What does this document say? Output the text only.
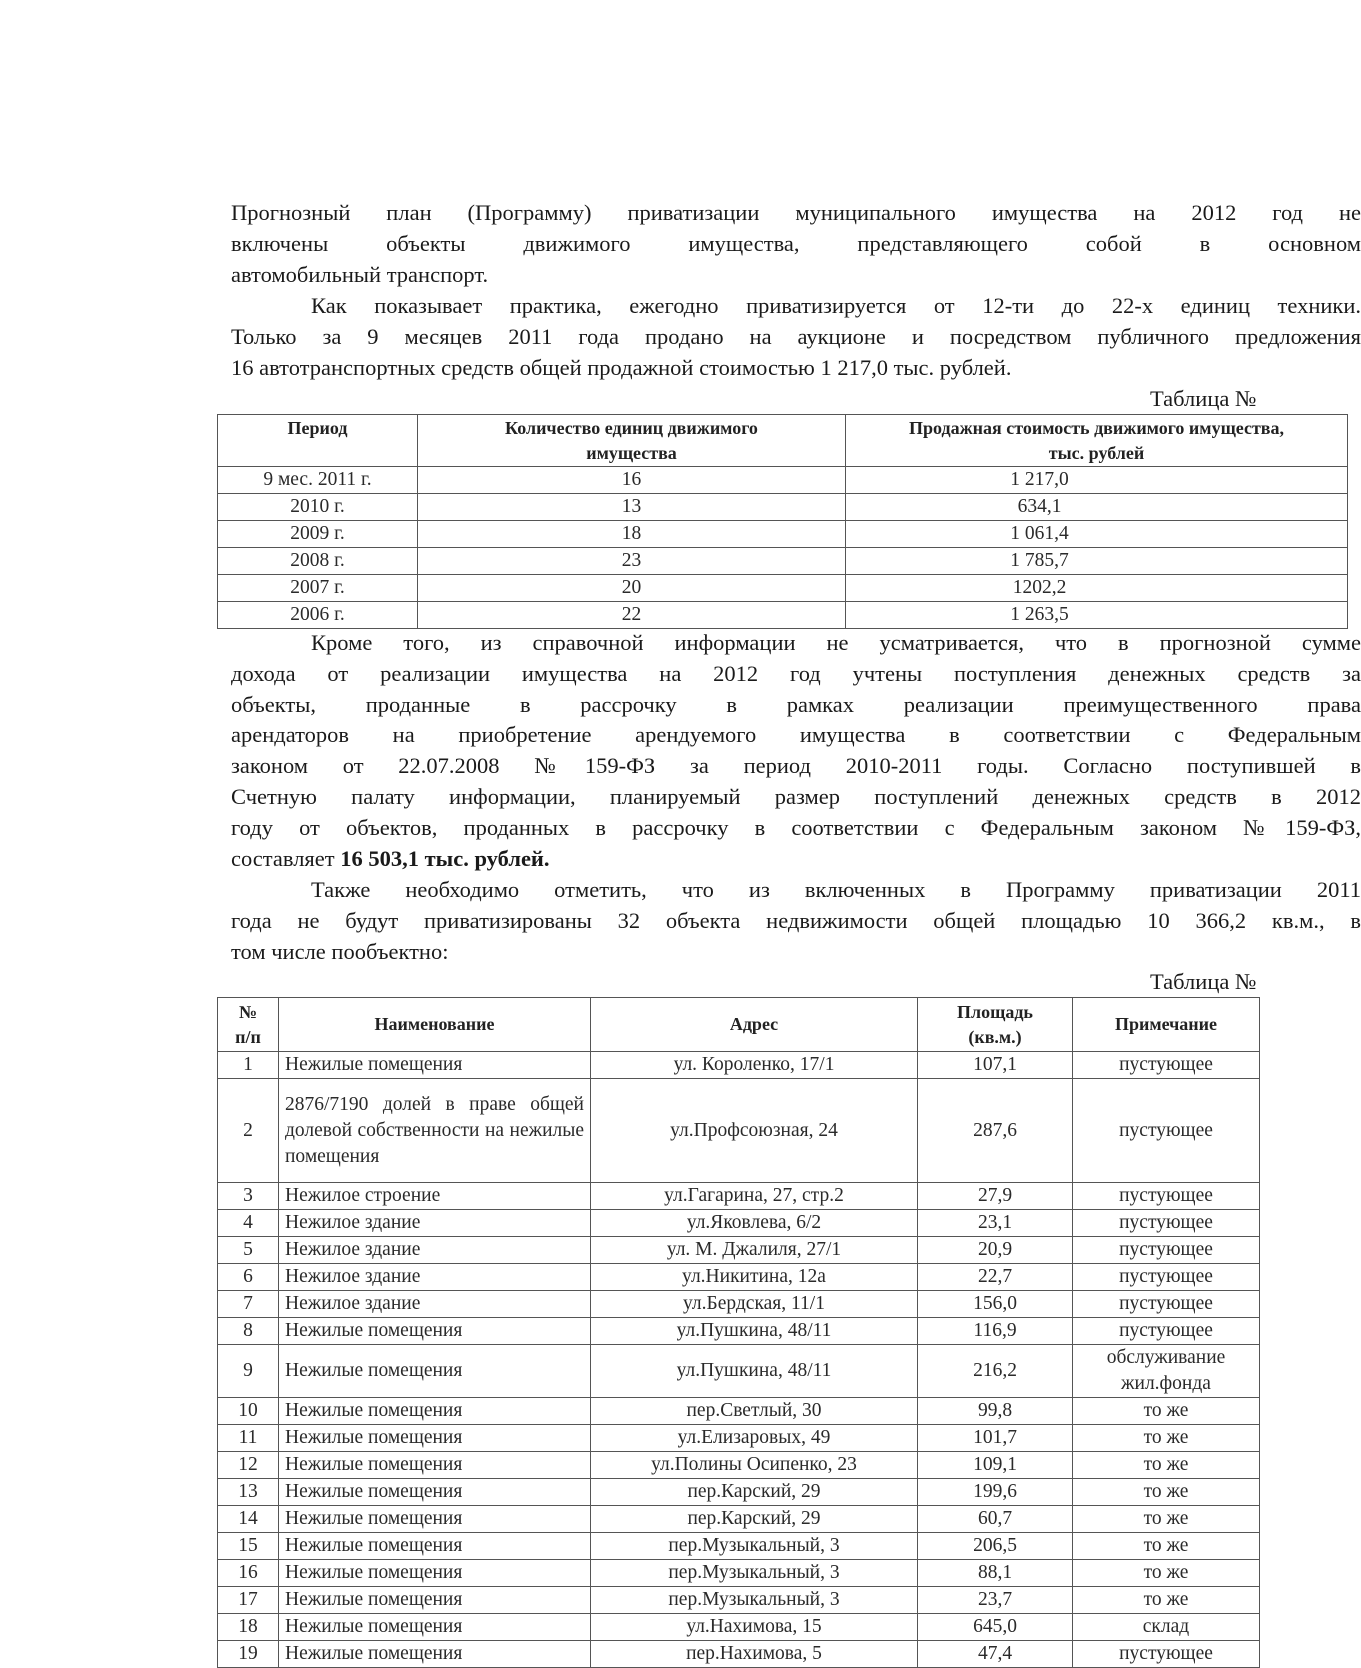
Прогнозный план (Программу) приватизации муниципального имущества на 2012 год не
включены объекты движимого имущества, представляющего собой в основном
автомобильный транспорт.
Как показывает практика, ежегодно приватизируется от 12-ти до 22-х единиц техники.
Только за 9 месяцев 2011 года продано на аукционе и посредством публичного предложения
16 автотранспортных средств общей продажной стоимостью 1 217,0 тыс. рублей.
Таблица №
Период	Количество единиц движимого имущества	Продажная стоимость движимого имущества, тыс. рублей
9 мес. 2011 г.	16	1 217,0
2010 г.	13	634,1
2009 г.	18	1 061,4
2008 г.	23	1 785,7
2007 г.	20	1202,2
2006 г.	22	1 263,5
Кроме того, из справочной информации не усматривается, что в прогнозной сумме
дохода от реализации имущества на 2012 год учтены поступления денежных средств за
объекты, проданные в рассрочку в рамках реализации преимущественного права
арендаторов на приобретение арендуемого имущества в соответствии с Федеральным
законом от 22.07.2008 №159-ФЗ за период 2010-2011 годы. Согласно поступившей в
Счетную палату информации, планируемый размер поступлений денежных средств в 2012
году от объектов, проданных в рассрочку в соответствии с Федеральным законом №159-ФЗ,
составляет 16 503,1 тыс. рублей.
Также необходимо отметить, что из включенных в Программу приватизации 2011
года не будут приватизированы 32 объекта недвижимости общей площадью 10 366,2 кв.м., в
том числе пообъектно:
Таблица №
№ п/п	Наименование	Адрес	Площадь (кв.м.)	Примечание
1	Нежилые помещения	ул. Короленко, 17/1	107,1	пустующее
2	2876/7190 долей в праве общей долевой собственности на нежилые помещения	ул.Профсоюзная, 24	287,6	пустующее
3	Нежилое строение	ул.Гагарина, 27, стр.2	27,9	пустующее
4	Нежилое здание	ул.Яковлева, 6/2	23,1	пустующее
5	Нежилое здание	ул. М. Джалиля, 27/1	20,9	пустующее
6	Нежилое здание	ул.Никитина, 12а	22,7	пустующее
7	Нежилое здание	ул.Бердская, 11/1	156,0	пустующее
8	Нежилые помещения	ул.Пушкина, 48/11	116,9	пустующее
9	Нежилые помещения	ул.Пушкина, 48/11	216,2	обслуживание жил.фонда
10	Нежилые помещения	пер.Светлый, 30	99,8	то же
11	Нежилые помещения	ул.Елизаровых, 49	101,7	то же
12	Нежилые помещения	ул.Полины Осипенко, 23	109,1	то же
13	Нежилые помещения	пер.Карский, 29	199,6	то же
14	Нежилые помещения	пер.Карский, 29	60,7	то же
15	Нежилые помещения	пер.Музыкальный, 3	206,5	то же
16	Нежилые помещения	пер.Музыкальный, 3	88,1	то же
17	Нежилые помещения	пер.Музыкальный, 3	23,7	то же
18	Нежилые помещения	ул.Нахимова, 15	645,0	склад
19	Нежилые помещения	пер.Нахимова, 5	47,4	пустующее
